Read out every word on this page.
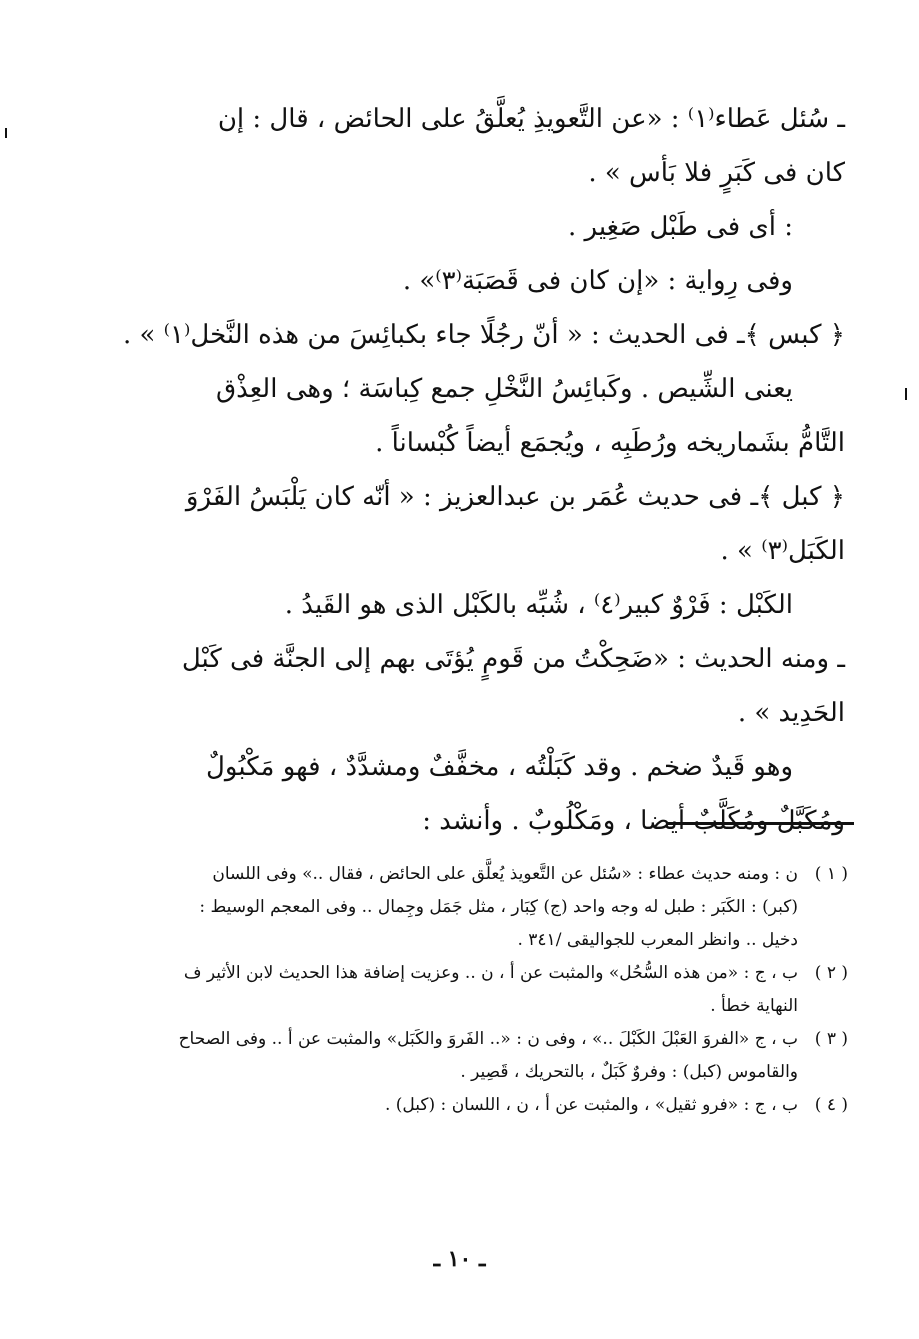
ـ سُئل عَطاء⁽١⁾ : «عن التَّعويذِ يُعلَّقُ على الحائض ، قال : إن
كان فى كَبَرٍ فلا بَأس » .
: أى فى طَبْل صَغِير .
وفى رِواية : «إن كان فى قَصَبَة⁽٣⁾» .
﴿ كبس ﴾ـ فى الحديث : « أنّ رجُلًا جاء بكبائِسَ من هذه النَّخل⁽١⁾ » .
يعنى الشِّيص . وكَبائِسُ النَّخْلِ جمع كِباسَة ؛ وهى العِذْق
التَّامُّ بشَماريخه ورُطَبِه ، ويُجمَع أيضاً كُبْساناً .
﴿ كبل ﴾ـ فى حديث عُمَر بن عبدالعزيز : « أنّه كان يَلْبَسُ الفَرْوَ
الكَبَل⁽٣⁾ » .
الكَبْل : فَرْوٌ كبير⁽٤⁾ ، شُبِّه بالكَبْل الذى هو القَيدُ .
ـ ومنه الحديث : «ضَحِكْتُ من قَومٍ يُؤتَى بهم إلى الجنَّة فى كَبْل
الحَدِيد » .
وهو قَيدٌ ضخم . وقد كَبَلْتُه ، مخفَّفٌ ومشدَّدٌ ، فهو مَكْبُولٌ
ومُكَبَّلٌ ومُكَلَّبٌ أيضا ، ومَكْلُوبٌ . وأنشد :
( ١ )
ن : ومنه حديث عطاء : «سُئل عن التَّعويذ يُعلَّق على الحائض ، فقال ..» وفى اللسان
(كبر) : الكَبَر : طبل له وجه واحد (ج) كِبَار ، مثل جَمَل وجِمال .. وفى المعجم الوسيط :
دخيل .. وانظر المعرب للجواليقى /٣٤١ .
( ٢ )
ب ، ج : «من هذه السُّحُل» والمثبت عن أ ، ن .. وعزيت إضافة هذا الحديث لابن الأثير ف
النهاية خطأ .
( ٣ )
ب ، ج «الفروَ العَبْلَ الكَبْلَ ..» ، وفى ن : «.. الفَروَ والكَبَل» والمثبت عن أ .. وفى الصحاح
والقاموس (كبل) : وفروٌ كَبَلٌ ، بالتحريك ، قَصِير .
( ٤ )
ب ، ج : «فرو ثقيل» ، والمثبت عن أ ، ن ، اللسان : (كبل) .
ـ ١٠ ـ
